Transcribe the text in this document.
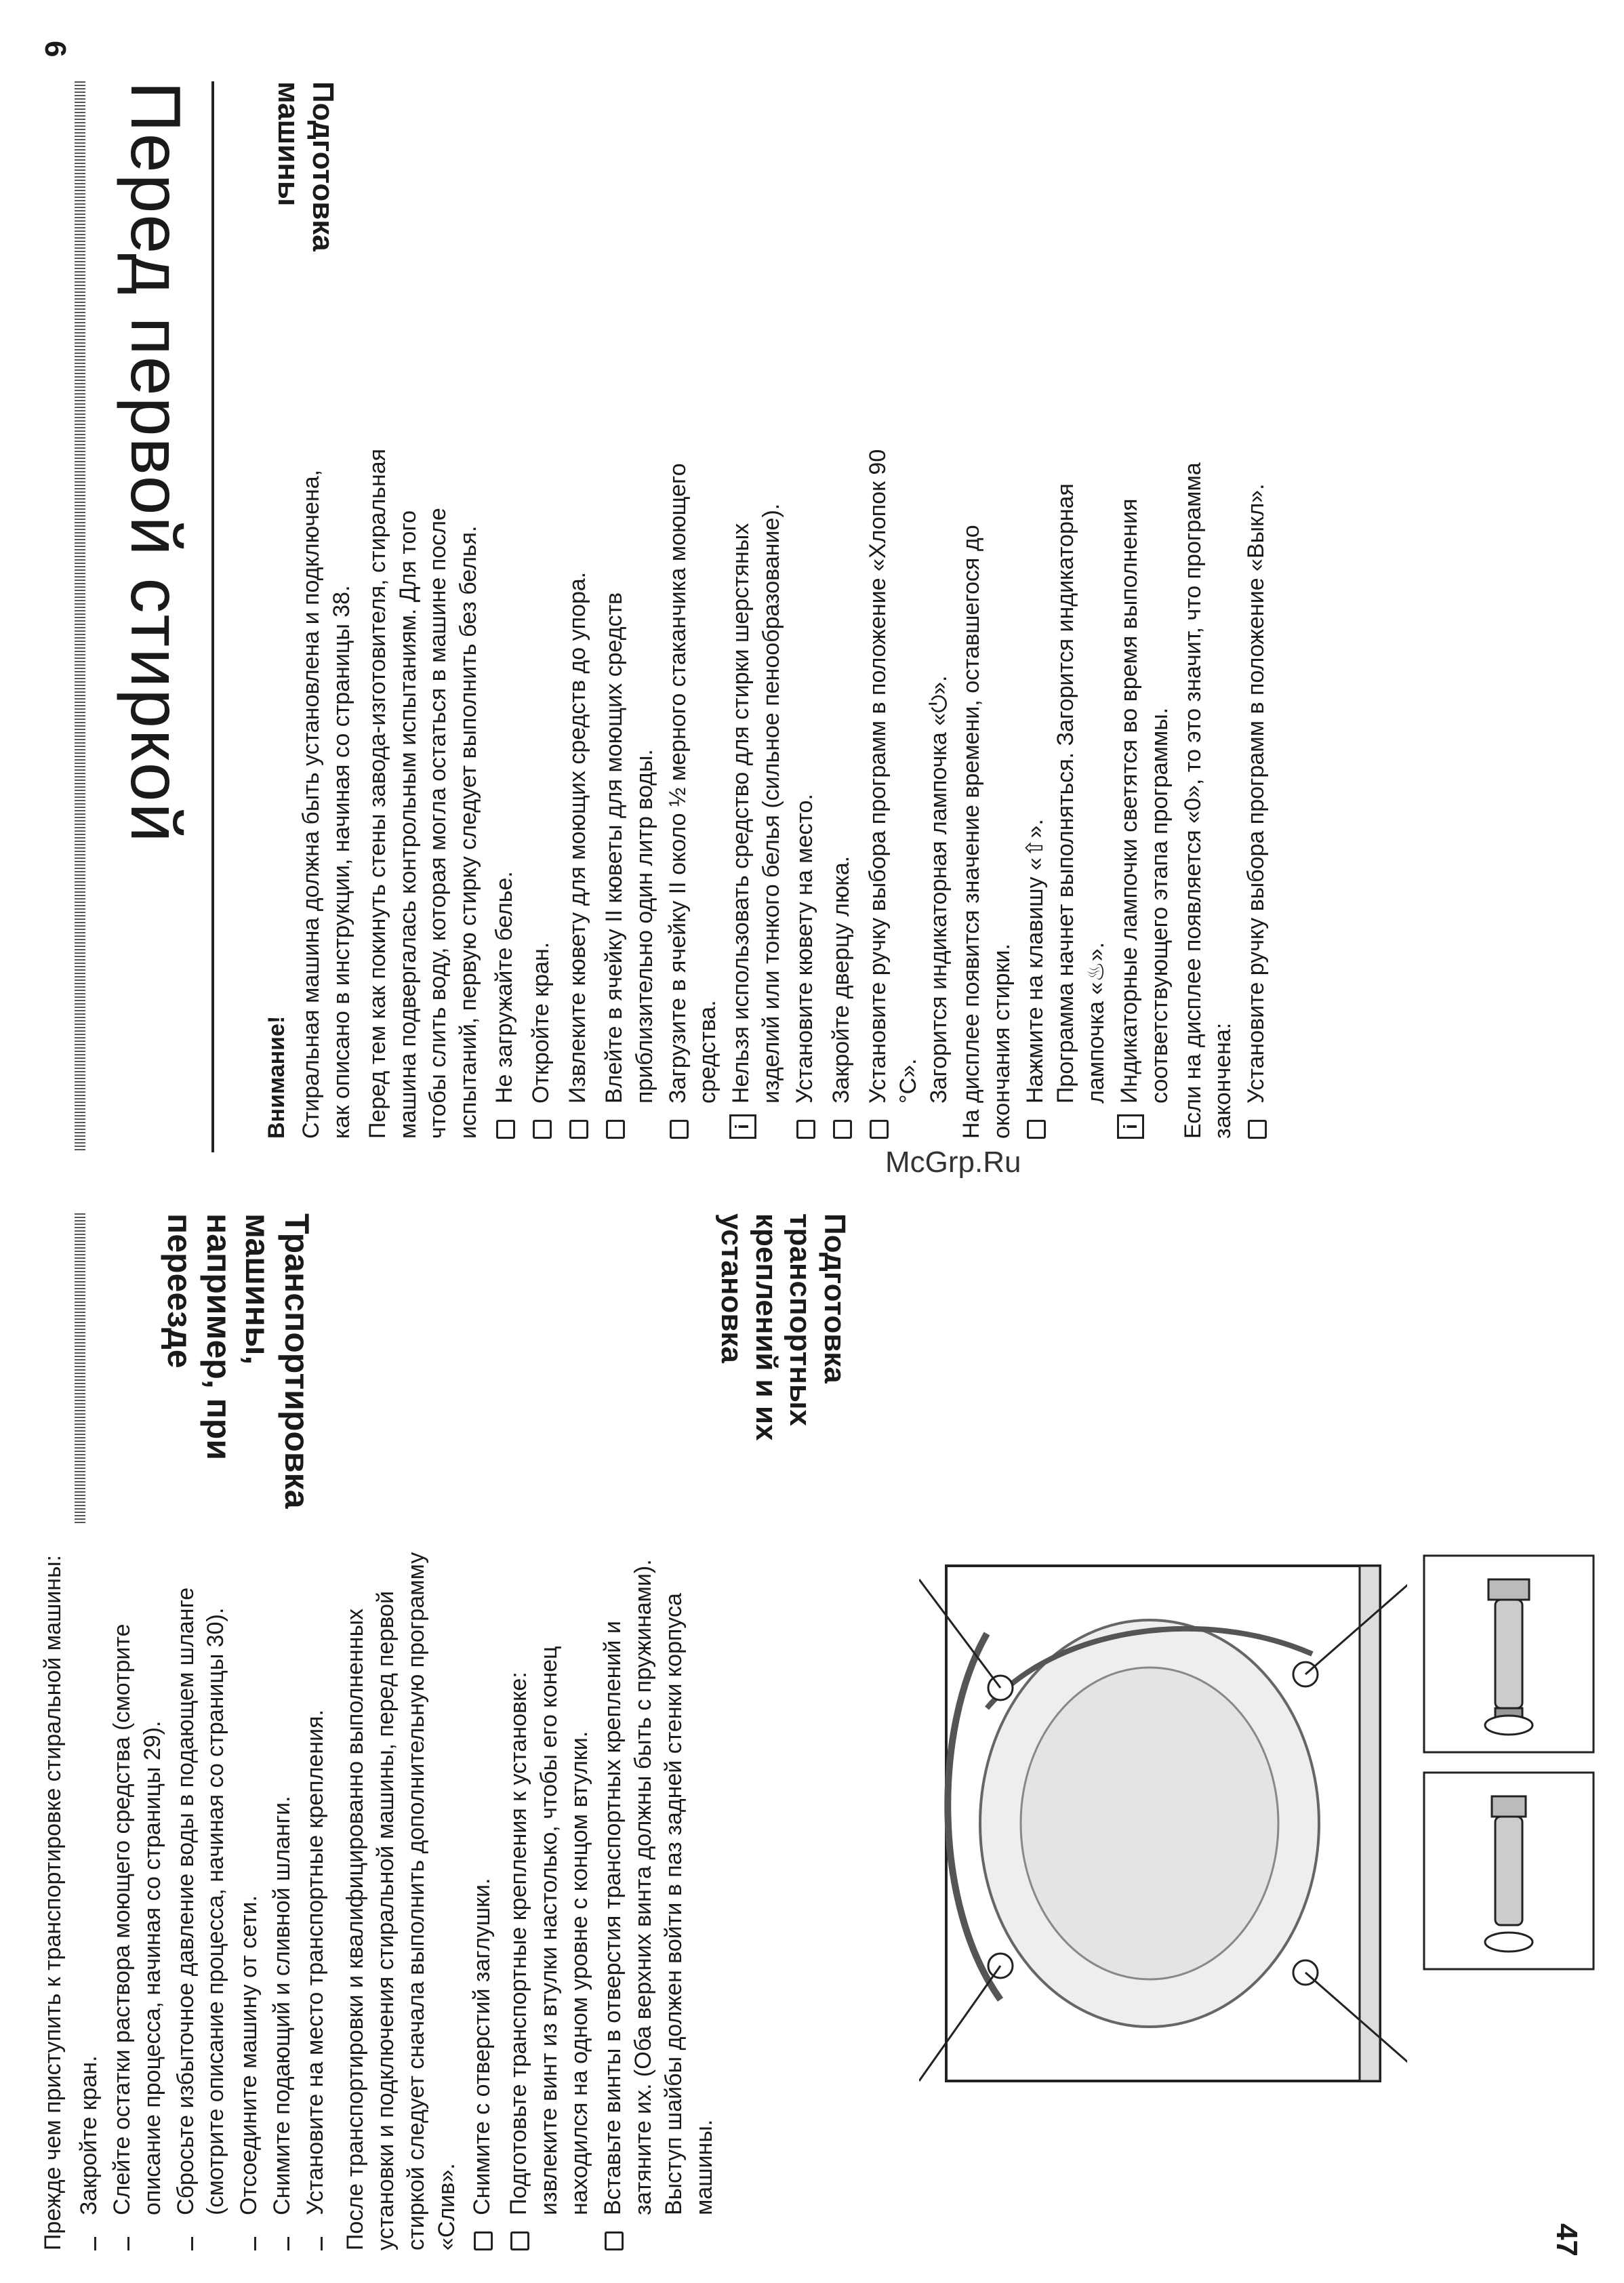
6
Перед первой стиркой	Подготовка
машины
Внимание! Стиральная машина должна быть установлена и подключена, как описано в инструкции, начиная со страницы 38. Перед тем как покинуть стены завода-изготовителя, стиральная машина подвергалась контрольным испытаниям. Для того чтобы слить воду, которая могла остаться в машине после испытаний, первую стирку следует выполнить без белья. Не загружайте белье. Откройте кран. Извлеките кювету для моющих средств до упора. Влейте в ячейку II кюветы для моющих средств приблизительно один литр воды. Загрузите в ячейку II около ½ мерного стаканчика моющего средства.
i
Нельзя использовать средство для стирки шерстяных изделий или тонкого белья (сильное пенообразование). Установите кювету на место. Закройте дверцу люка. Установите ручку выбора программ в положение «Хлопок 90 °С». Загорится индикаторная лампочка «⏻». На дисплее появится значение времени, оставшегося до окончания стирки. Нажмите на клавишу «⇧». Программа начнет выполняться. Загорится индикаторная лампочка «♨».
i
Индикаторные лампочки светятся во время выполнения соответствующего этапа программы. Если на дисплее появляется «0», то это значит, что программа закончена: Установите ручку выбора программ в положение «Выкл».
McGrp.Ru
Транспортировка
машины,
например, при
переезде	Подготовка
транспортных
креплений и их
установка

Прежде чем приступить к транспортировке стиральной машины: Закройте кран. Слейте остатки раствора моющего средства (смотрите описание процесса, начиная со страницы 29). Сбросьте избыточное давление воды в подающем шланге (смотрите описание процесса, начиная со страницы 30). Отсоедините машину от сети. Снимите подающий и сливной шланги. Установите на место транспортные крепления. После транспортировки и квалифицированно выполненных установки и подключения стиральной машины, перед первой стиркой следует сначала выполнить дополнительную программу «Слив». Снимите с отверстий заглушки. Подготовьте транспортные крепления к установке: извлеките винт из втулки настолько, чтобы его конец находился на одном уровне с концом втулки. Вставьте винты в отверстия транспортных креплений и затяните их. (Оба верхних винта должны быть с пружинами). Выступ шайбы должен войти в паз задней стенки корпуса машины.
47
